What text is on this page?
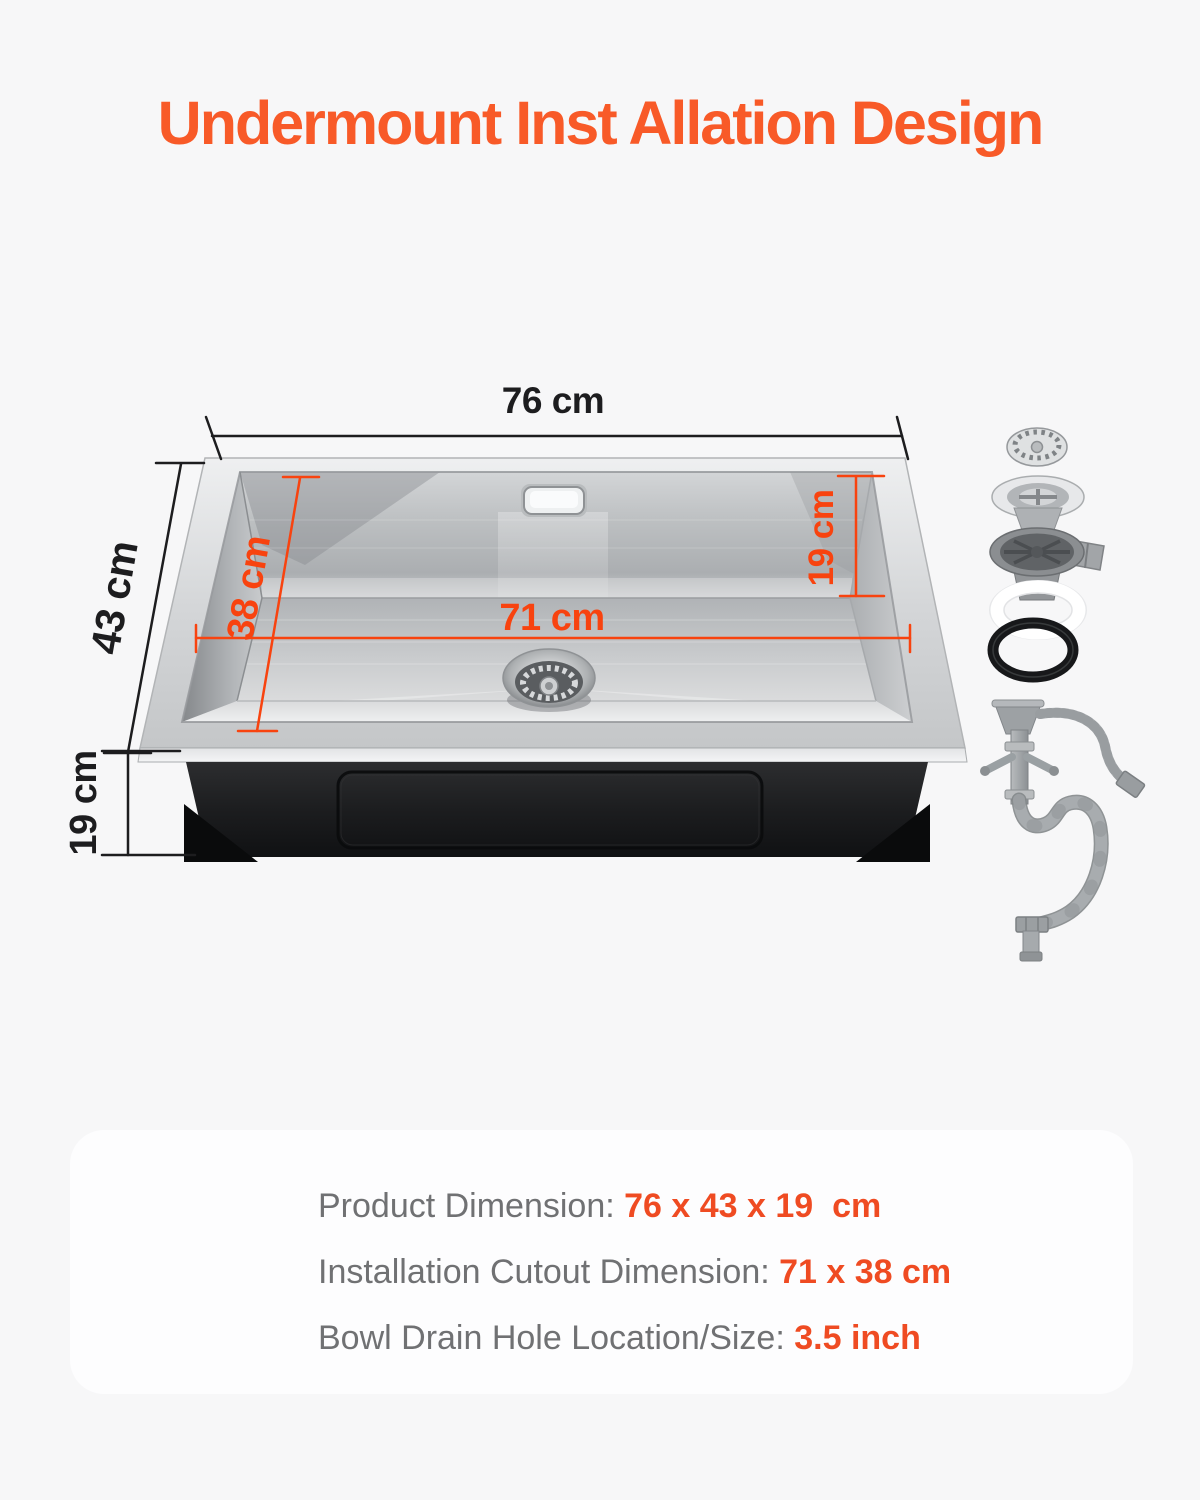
Undermount Inst Allation Design
76 cm
43 cm
19 cm
38 cm	71 cm
19 cm

Product Dimension: 76 x 43 x 19  cm

Installation Cutout Dimension: 71 x 38 cm

Bowl Drain Hole Location/Size: 3.5 inch
